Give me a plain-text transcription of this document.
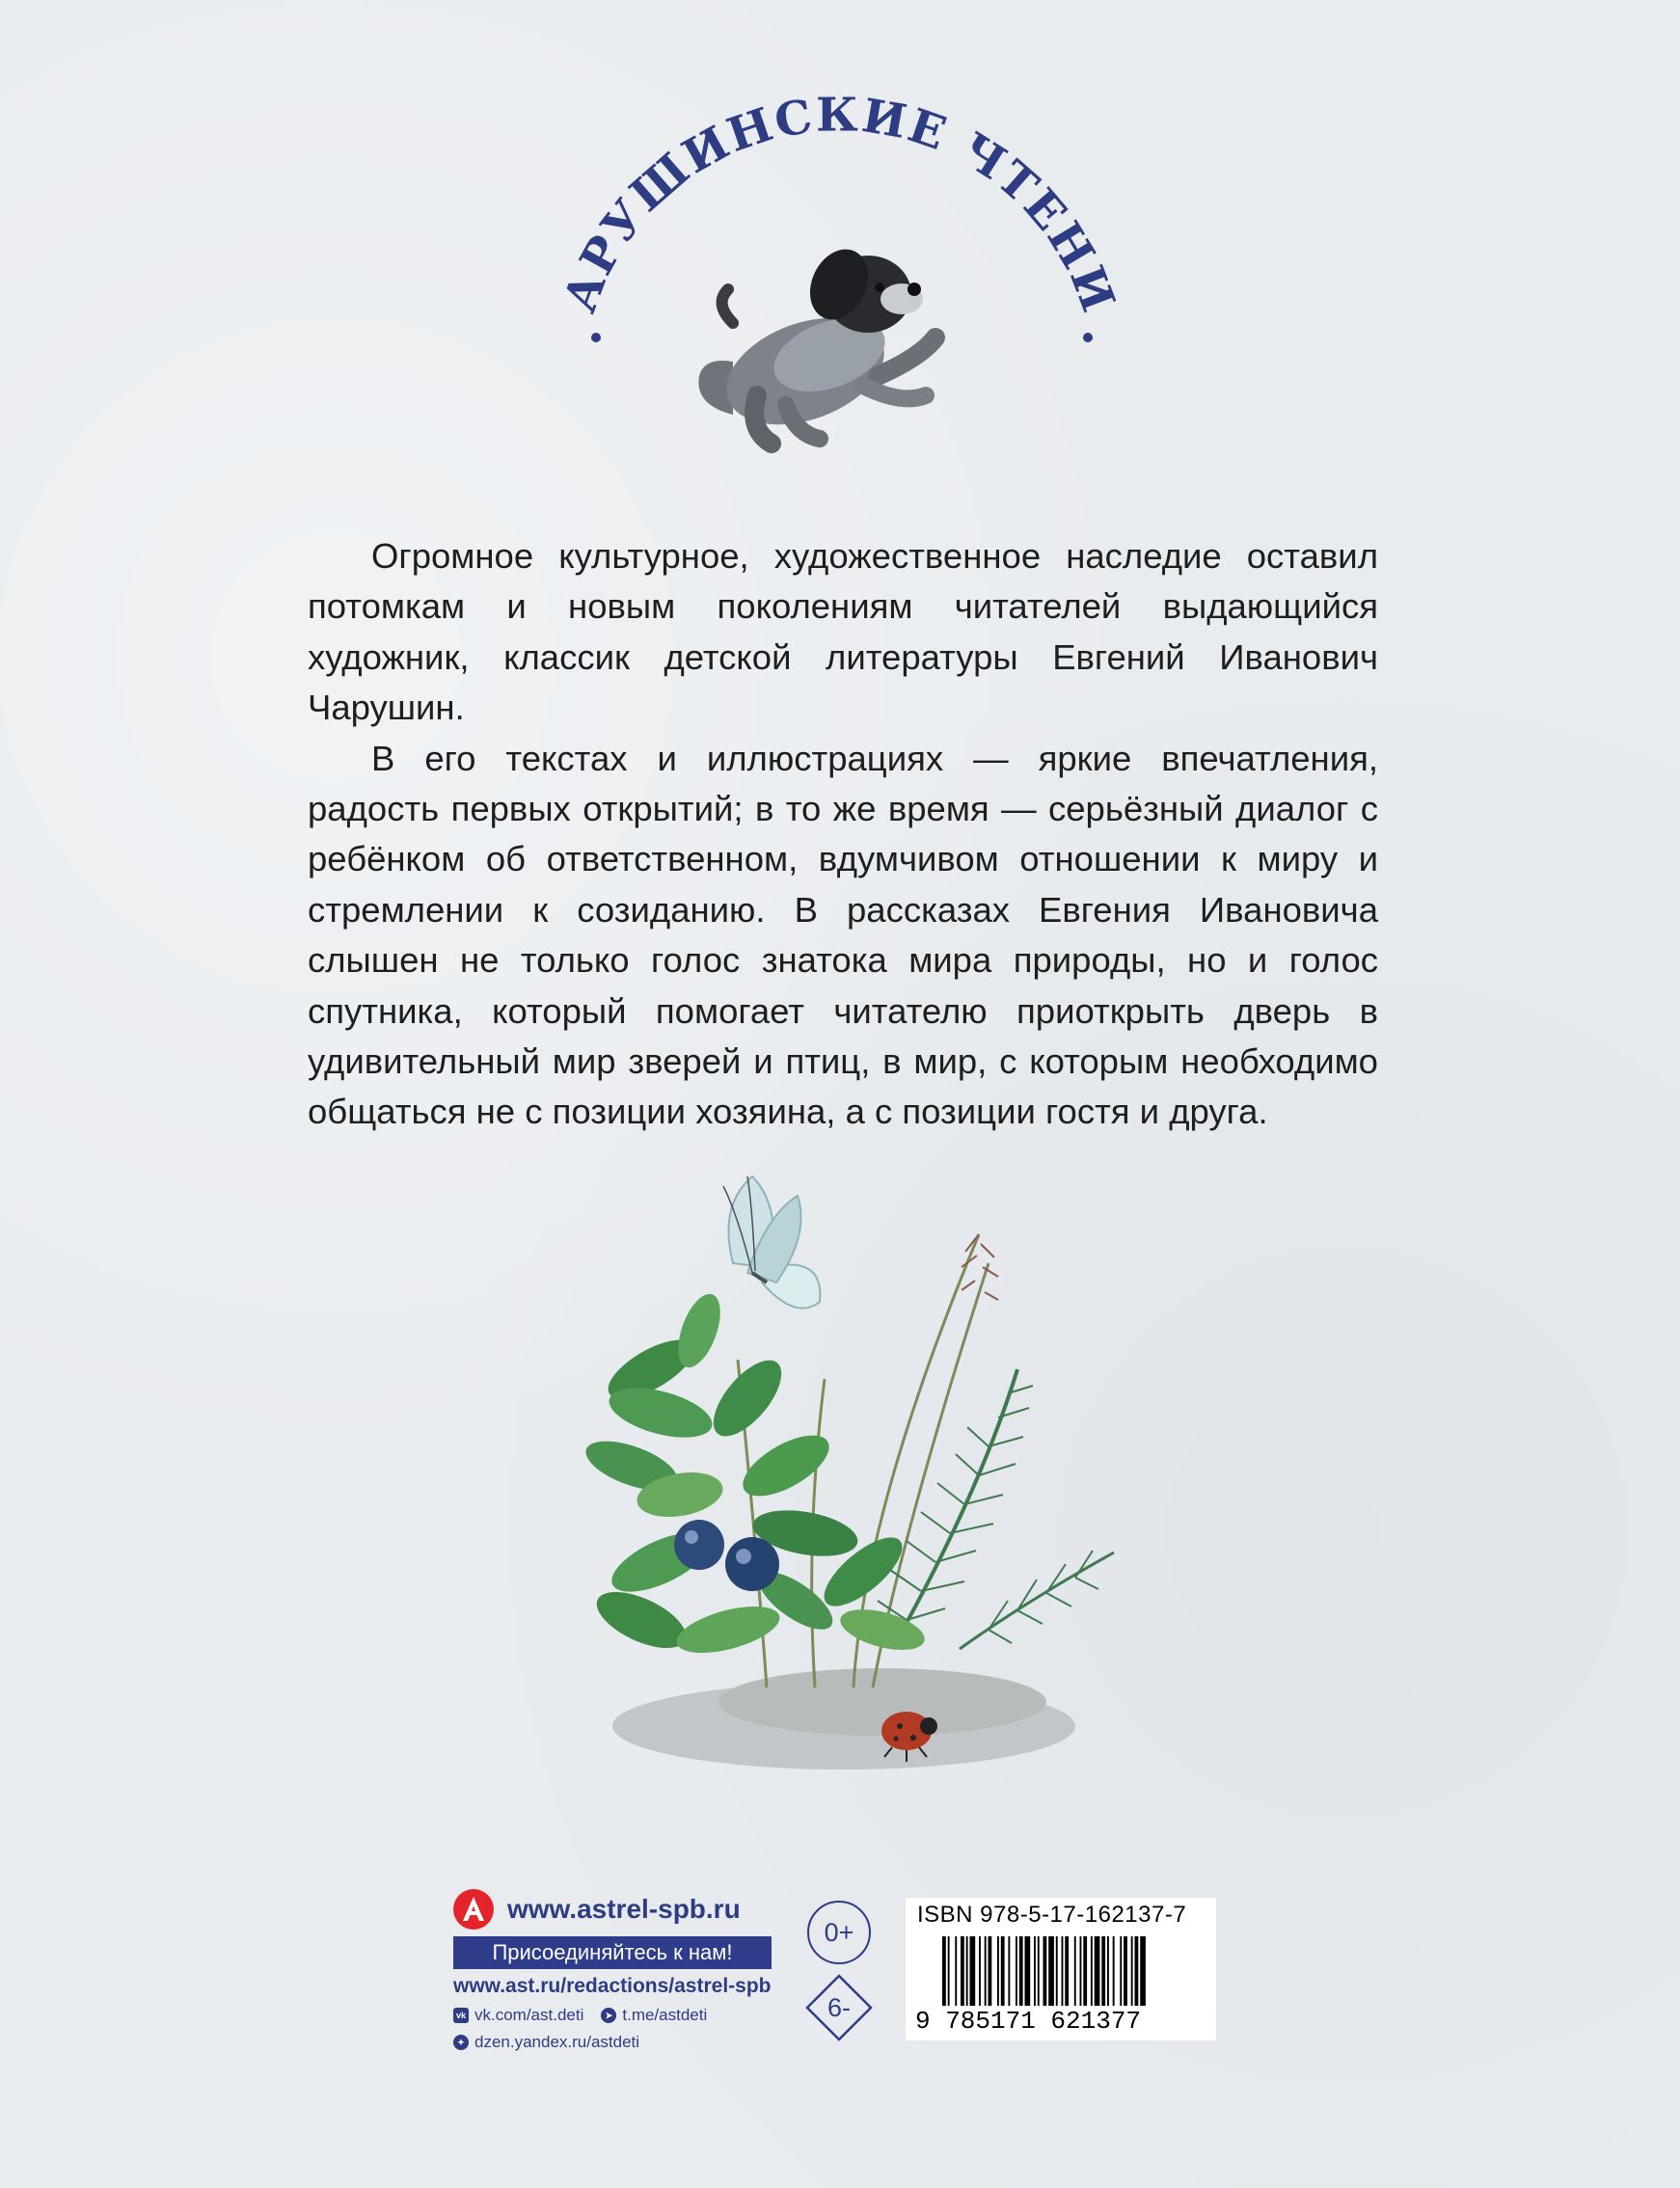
АРУШИНСКИЕ ЧТЕНИ

Огромное культурное, художественное наследие оставил потомкам и новым поколениям читателей выдающийся художник, классик детской литературы Евгений Иванович Чарушин.

В его текстах и иллюстрациях — яркие впечатления, радость первых открытий; в то же время — серьёзный диалог с ребёнком об ответственном, вдумчивом отношении к миру и стремлении к созиданию. В рассказах Евгения Ивановича слышен не только голос знатока мира природы, но и голос спутника, который помогает читателю приоткрыть дверь в удивительный мир зверей и птиц, в мир, с которым необходимо общаться не с позиции хозяина, а с позиции гостя и друга.

www.astrel-spb.ru
Присоединяйтесь к нам!
www.ast.ru/redactions/astrel-spb
vk vk.com/ast.deti	➤ t.me/astdeti
✦ dzen.yandex.ru/astdeti
0+
6-
ISBN 978-5-17-162137-7
9 785171 621377
